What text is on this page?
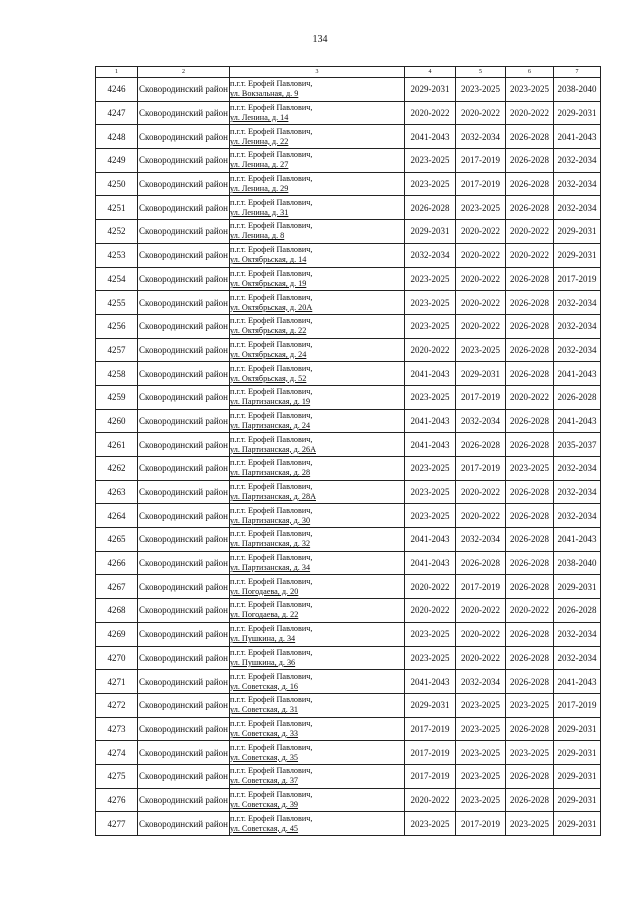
134
1	2	3	4	5	6	7
4246	Сковородинский район	п.г.т. Ерофей Павлович,
ул. Вокзальная, д. 9	2029-2031	2023-2025	2023-2025	2038-2040
4247	Сковородинский район	п.г.т. Ерофей Павлович,
ул. Ленина, д. 14	2020-2022	2020-2022	2020-2022	2029-2031
4248	Сковородинский район	п.г.т. Ерофей Павлович,
ул. Ленина, д. 22	2041-2043	2032-2034	2026-2028	2041-2043
4249	Сковородинский район	п.г.т. Ерофей Павлович,
ул. Ленина, д. 27	2023-2025	2017-2019	2026-2028	2032-2034
4250	Сковородинский район	п.г.т. Ерофей Павлович,
ул. Ленина, д. 29	2023-2025	2017-2019	2026-2028	2032-2034
4251	Сковородинский район	п.г.т. Ерофей Павлович,
ул. Ленина, д. 31	2026-2028	2023-2025	2026-2028	2032-2034
4252	Сковородинский район	п.г.т. Ерофей Павлович,
ул. Ленина, д. 8	2029-2031	2020-2022	2020-2022	2029-2031
4253	Сковородинский район	п.г.т. Ерофей Павлович,
ул. Октябрьская, д. 14	2032-2034	2020-2022	2020-2022	2029-2031
4254	Сковородинский район	п.г.т. Ерофей Павлович,
ул. Октябрьская, д. 19	2023-2025	2020-2022	2026-2028	2017-2019
4255	Сковородинский район	п.г.т. Ерофей Павлович,
ул. Октябрьская, д. 20А	2023-2025	2020-2022	2026-2028	2032-2034
4256	Сковородинский район	п.г.т. Ерофей Павлович,
ул. Октябрьская, д. 22	2023-2025	2020-2022	2026-2028	2032-2034
4257	Сковородинский район	п.г.т. Ерофей Павлович,
ул. Октябрьская, д. 24	2020-2022	2023-2025	2026-2028	2032-2034
4258	Сковородинский район	п.г.т. Ерофей Павлович,
ул. Октябрьская, д. 52	2041-2043	2029-2031	2026-2028	2041-2043
4259	Сковородинский район	п.г.т. Ерофей Павлович,
ул. Партизанская, д. 19	2023-2025	2017-2019	2020-2022	2026-2028
4260	Сковородинский район	п.г.т. Ерофей Павлович,
ул. Партизанская, д. 24	2041-2043	2032-2034	2026-2028	2041-2043
4261	Сковородинский район	п.г.т. Ерофей Павлович,
ул. Партизанская, д. 26А	2041-2043	2026-2028	2026-2028	2035-2037
4262	Сковородинский район	п.г.т. Ерофей Павлович,
ул. Партизанская, д. 28	2023-2025	2017-2019	2023-2025	2032-2034
4263	Сковородинский район	п.г.т. Ерофей Павлович,
ул. Партизанская, д. 28А	2023-2025	2020-2022	2026-2028	2032-2034
4264	Сковородинский район	п.г.т. Ерофей Павлович,
ул. Партизанская, д. 30	2023-2025	2020-2022	2026-2028	2032-2034
4265	Сковородинский район	п.г.т. Ерофей Павлович,
ул. Партизанская, д. 32	2041-2043	2032-2034	2026-2028	2041-2043
4266	Сковородинский район	п.г.т. Ерофей Павлович,
ул. Партизанская, д. 34	2041-2043	2026-2028	2026-2028	2038-2040
4267	Сковородинский район	п.г.т. Ерофей Павлович,
ул. Погодаева, д. 20	2020-2022	2017-2019	2026-2028	2029-2031
4268	Сковородинский район	п.г.т. Ерофей Павлович,
ул. Погодаева, д. 22	2020-2022	2020-2022	2020-2022	2026-2028
4269	Сковородинский район	п.г.т. Ерофей Павлович,
ул. Пушкина, д. 34	2023-2025	2020-2022	2026-2028	2032-2034
4270	Сковородинский район	п.г.т. Ерофей Павлович,
ул. Пушкина, д. 36	2023-2025	2020-2022	2026-2028	2032-2034
4271	Сковородинский район	п.г.т. Ерофей Павлович,
ул. Советская, д. 16	2041-2043	2032-2034	2026-2028	2041-2043
4272	Сковородинский район	п.г.т. Ерофей Павлович,
ул. Советская, д. 31	2029-2031	2023-2025	2023-2025	2017-2019
4273	Сковородинский район	п.г.т. Ерофей Павлович,
ул. Советская, д. 33	2017-2019	2023-2025	2026-2028	2029-2031
4274	Сковородинский район	п.г.т. Ерофей Павлович,
ул. Советская, д. 35	2017-2019	2023-2025	2023-2025	2029-2031
4275	Сковородинский район	п.г.т. Ерофей Павлович,
ул. Советская, д. 37	2017-2019	2023-2025	2026-2028	2029-2031
4276	Сковородинский район	п.г.т. Ерофей Павлович,
ул. Советская, д. 39	2020-2022	2023-2025	2026-2028	2029-2031
4277	Сковородинский район	п.г.т. Ерофей Павлович,
ул. Советская, д. 45	2023-2025	2017-2019	2023-2025	2029-2031
